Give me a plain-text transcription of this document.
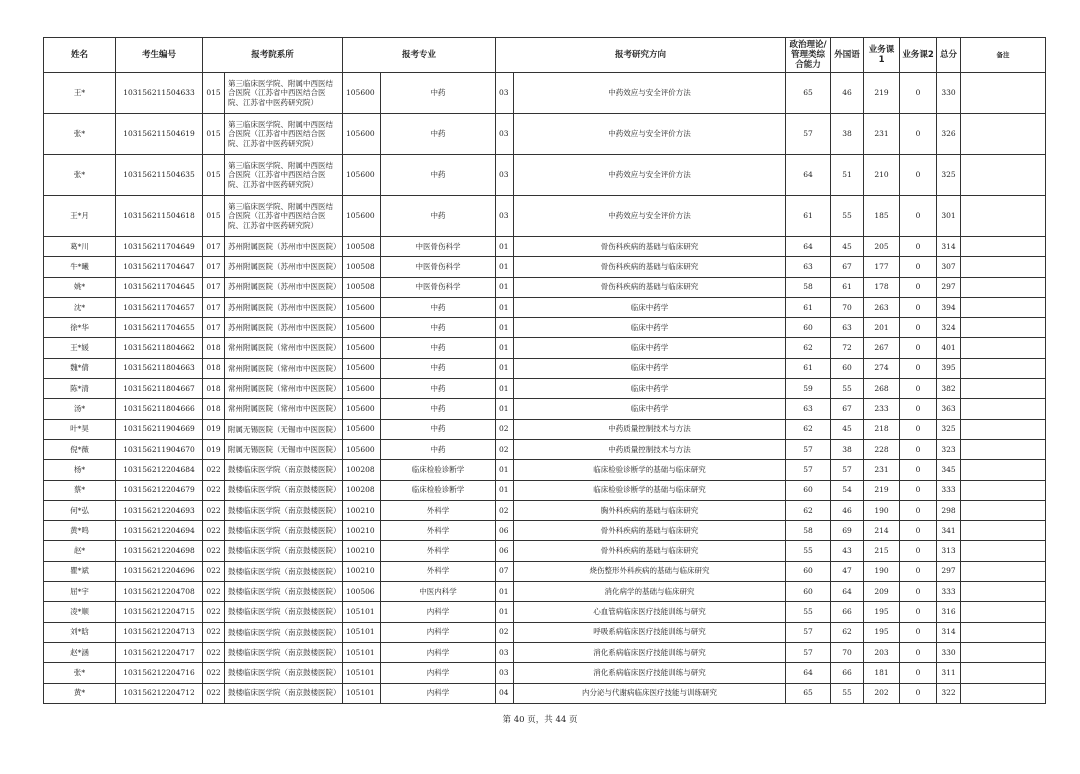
姓名	考生编号	报考院系所		报考专业		报考研究方向		政治理论/管理类综合能力	外国语	业务课1	业务课2	总分	备注
王*	103156211504633	015	第三临床医学院、附属中西医结合医院（江苏省中西医结合医院、江苏省中医药研究院）	105600	中药	03	中药效应与安全评价方法	65	46	219	0	330	
张*	103156211504619	015	第三临床医学院、附属中西医结合医院（江苏省中西医结合医院、江苏省中医药研究院）	105600	中药	03	中药效应与安全评价方法	57	38	231	0	326	
张*	103156211504635	015	第三临床医学院、附属中西医结合医院（江苏省中西医结合医院、江苏省中医药研究院）	105600	中药	03	中药效应与安全评价方法	64	51	210	0	325	
王*月	103156211504618	015	第三临床医学院、附属中西医结合医院（江苏省中西医结合医院、江苏省中医药研究院）	105600	中药	03	中药效应与安全评价方法	61	55	185	0	301	
葛*川	103156211704649	017	苏州附属医院（苏州市中医医院）	100508	中医骨伤科学	01	骨伤科疾病的基础与临床研究	64	45	205	0	314	
牛*曦	103156211704647	017	苏州附属医院（苏州市中医医院）	100508	中医骨伤科学	01	骨伤科疾病的基础与临床研究	63	67	177	0	307	
姚*	103156211704645	017	苏州附属医院（苏州市中医医院）	100508	中医骨伤科学	01	骨伤科疾病的基础与临床研究	58	61	178	0	297	
沈*	103156211704657	017	苏州附属医院（苏州市中医医院）	105600	中药	01	临床中药学	61	70	263	0	394	
徐*华	103156211704655	017	苏州附属医院（苏州市中医医院）	105600	中药	01	临床中药学	60	63	201	0	324	
王*媛	103156211804662	018	常州附属医院（常州市中医医院）	105600	中药	01	临床中药学	62	72	267	0	401	
魏*倩	103156211804663	018	常州附属医院（常州市中医医院）	105600	中药	01	临床中药学	61	60	274	0	395	
陈*清	103156211804667	018	常州附属医院（常州市中医医院）	105600	中药	01	临床中药学	59	55	268	0	382	
汤*	103156211804666	018	常州附属医院（常州市中医医院）	105600	中药	01	临床中药学	63	67	233	0	363	
叶*昊	103156211904669	019	附属无锡医院（无锡市中医医院）	105600	中药	02	中药质量控制技术与方法	62	45	218	0	325	
倪*薇	103156211904670	019	附属无锡医院（无锡市中医医院）	105600	中药	02	中药质量控制技术与方法	57	38	228	0	323	
杨*	103156212204684	022	鼓楼临床医学院（南京鼓楼医院）	100208	临床检验诊断学	01	临床检验诊断学的基础与临床研究	57	57	231	0	345	
蔡*	103156212204679	022	鼓楼临床医学院（南京鼓楼医院）	100208	临床检验诊断学	01	临床检验诊断学的基础与临床研究	60	54	219	0	333	
何*弘	103156212204693	022	鼓楼临床医学院（南京鼓楼医院）	100210	外科学	02	胸外科疾病的基础与临床研究	62	46	190	0	298	
黄*鸣	103156212204694	022	鼓楼临床医学院（南京鼓楼医院）	100210	外科学	06	骨外科疾病的基础与临床研究	58	69	214	0	341	
赵*	103156212204698	022	鼓楼临床医学院（南京鼓楼医院）	100210	外科学	06	骨外科疾病的基础与临床研究	55	43	215	0	313	
瞿*斌	103156212204696	022	鼓楼临床医学院（南京鼓楼医院）	100210	外科学	07	烧伤整形外科疾病的基础与临床研究	60	47	190	0	297	
屈*宇	103156212204708	022	鼓楼临床医学院（南京鼓楼医院）	100506	中医内科学	01	消化病学的基础与临床研究	60	64	209	0	333	
凌*顺	103156212204715	022	鼓楼临床医学院（南京鼓楼医院）	105101	内科学	01	心血管病临床医疗技能训练与研究	55	66	195	0	316	
刘*晗	103156212204713	022	鼓楼临床医学院（南京鼓楼医院）	105101	内科学	02	呼吸系病临床医疗技能训练与研究	57	62	195	0	314	
赵*涵	103156212204717	022	鼓楼临床医学院（南京鼓楼医院）	105101	内科学	03	消化系病临床医疗技能训练与研究	57	70	203	0	330	
张*	103156212204716	022	鼓楼临床医学院（南京鼓楼医院）	105101	内科学	03	消化系病临床医疗技能训练与研究	64	66	181	0	311	
黄*	103156212204712	022	鼓楼临床医学院（南京鼓楼医院）	105101	内科学	04	内分泌与代谢病临床医疗技能与训练研究	65	55	202	0	322	
第 40 页，共 44 页
